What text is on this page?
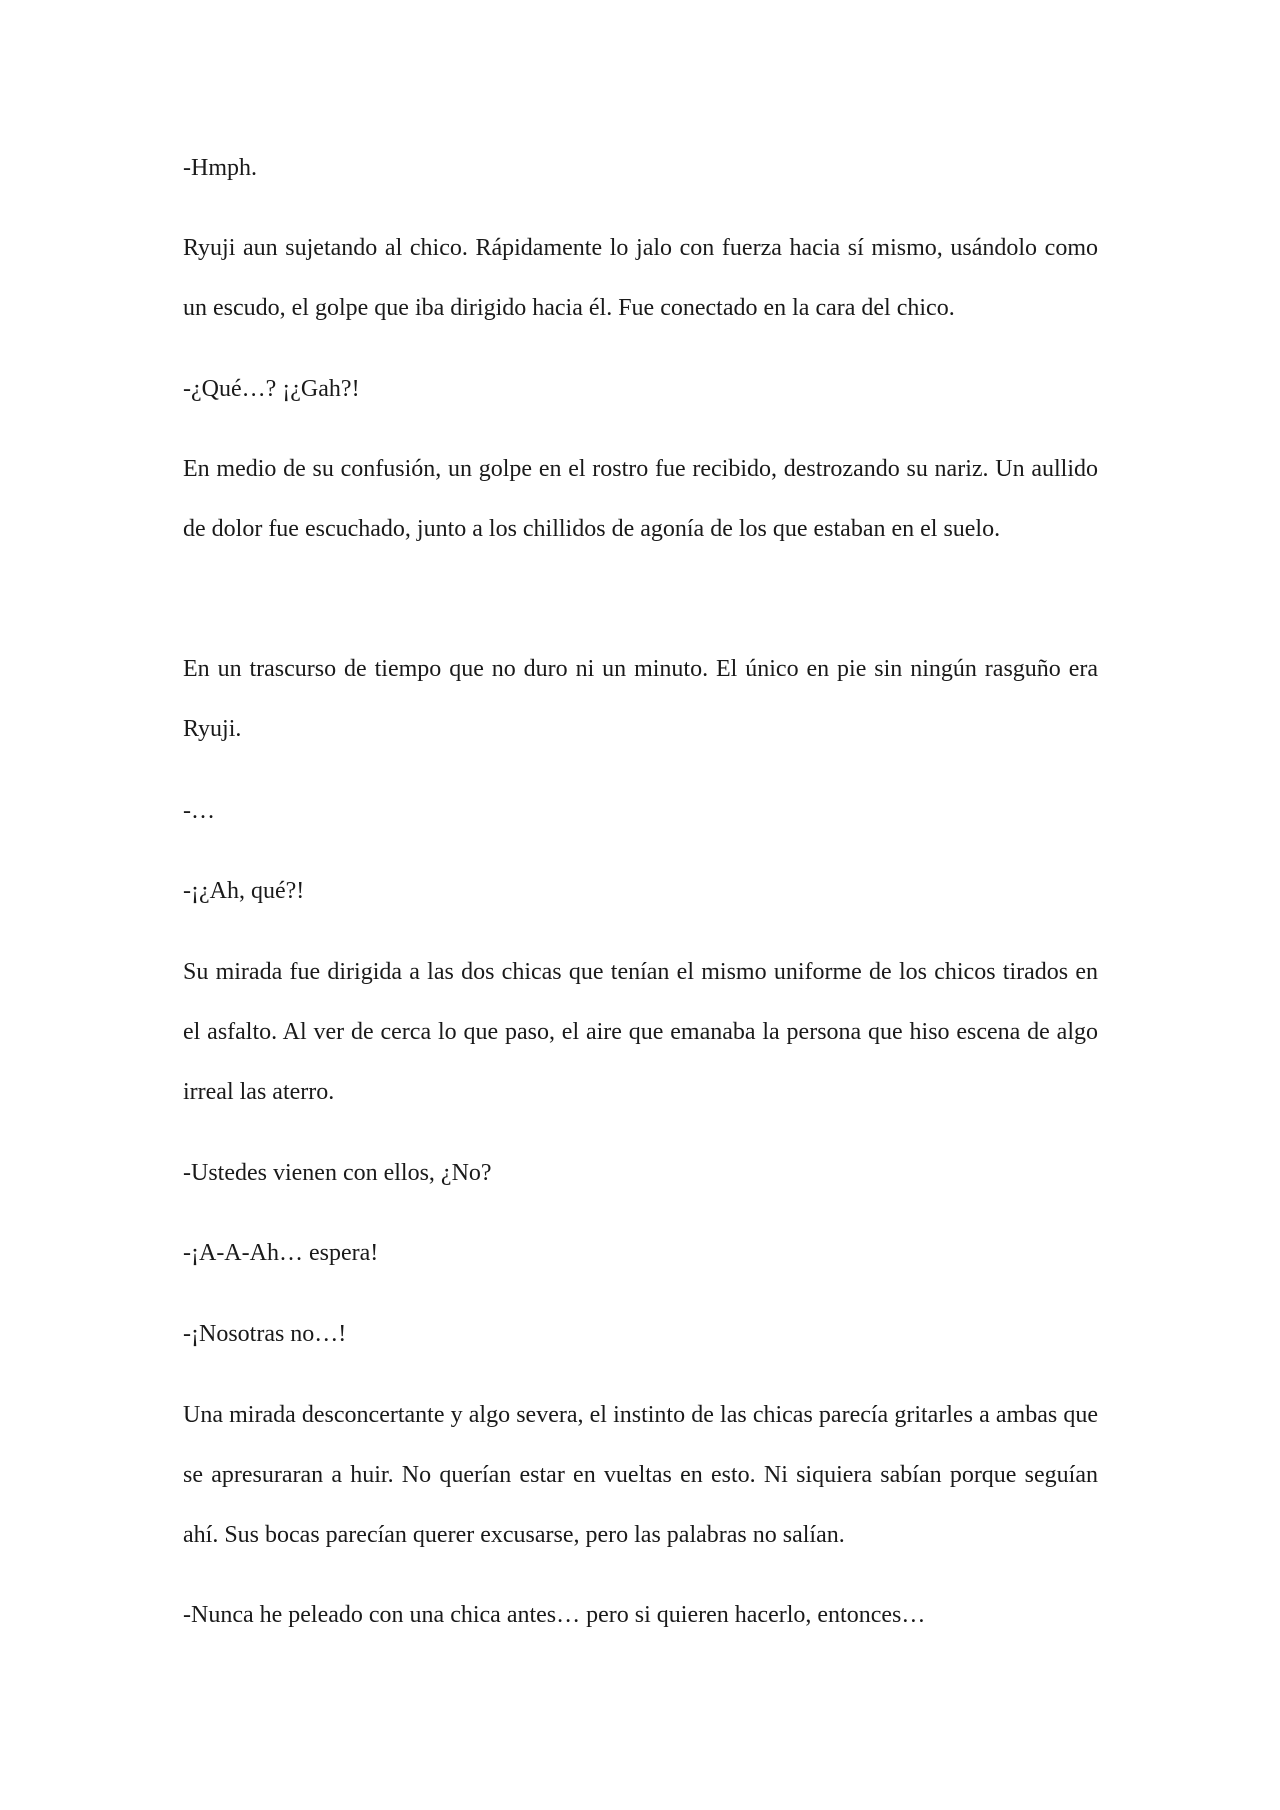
-Hmph.

Ryuji aun sujetando al chico. Rápidamente lo jalo con fuerza hacia sí mismo, usándolo como un escudo, el golpe que iba dirigido hacia él. Fue conectado en la cara del chico.

-¿Qué…? ¡¿Gah?!

En medio de su confusión, un golpe en el rostro fue recibido, destrozando su nariz. Un aullido de dolor fue escuchado, junto a los chillidos de agonía de los que estaban en el suelo.

En un trascurso de tiempo que no duro ni un minuto. El único en pie sin ningún rasguño era Ryuji.

-…

-¡¿Ah, qué?!

Su mirada fue dirigida a las dos chicas que tenían el mismo uniforme de los chicos tirados en el asfalto. Al ver de cerca lo que paso, el aire que emanaba la persona que hiso escena de algo irreal las aterro.

-Ustedes vienen con ellos, ¿No?

-¡A-A-Ah… espera!

-¡Nosotras no…!

Una mirada desconcertante y algo severa, el instinto de las chicas parecía gritarles a ambas que se apresuraran a huir. No querían estar en vueltas en esto. Ni siquiera sabían porque seguían ahí. Sus bocas parecían querer excusarse, pero las palabras no salían.

-Nunca he peleado con una chica antes… pero si quieren hacerlo, entonces…
